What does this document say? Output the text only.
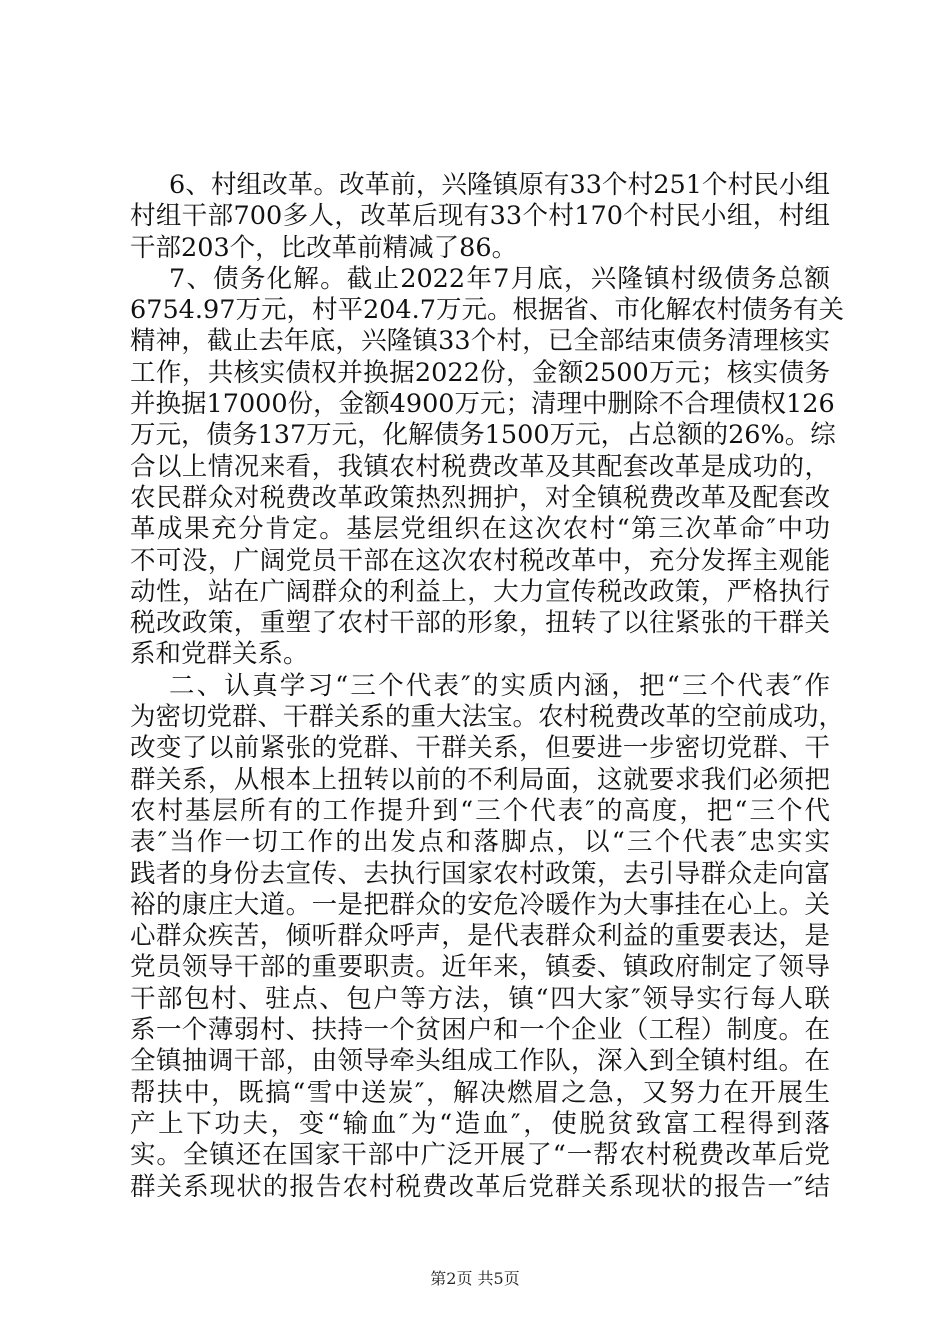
6、村组改革。改革前，兴隆镇原有33个村251个村民小组
村组干部700多人，改革后现有33个村170个村民小组，村组
干部203个，比改革前精减了86。
7、债务化解。截止2022年7月底，兴隆镇村级债务总额
6754.97万元，村平204.7万元。根据省、市化解农村债务有关
精神，截止去年底，兴隆镇33个村，已全部结束债务清理核实
工作，共核实债权并换据2022份，金额2500万元；核实债务
并换据17000份，金额4900万元；清理中删除不合理债权126
万元，债务137万元，化解债务1500万元，占总额的26%。综
合以上情况来看，我镇农村税费改革及其配套改革是成功的，
农民群众对税费改革政策热烈拥护，对全镇税费改革及配套改
革成果充分肯定。基层党组织在这次农村“第三次革命″中功
不可没，广阔党员干部在这次农村税改革中，充分发挥主观能
动性，站在广阔群众的利益上，大力宣传税改政策，严格执行
税改政策，重塑了农村干部的形象，扭转了以往紧张的干群关
系和党群关系。
二、认真学习“三个代表″的实质内涵，把“三个代表″作
为密切党群、干群关系的重大法宝。农村税费改革的空前成功，
改变了以前紧张的党群、干群关系，但要进一步密切党群、干
群关系，从根本上扭转以前的不利局面，这就要求我们必须把
农村基层所有的工作提升到“三个代表″的高度，把“三个代
表″当作一切工作的出发点和落脚点，以“三个代表″忠实实
践者的身份去宣传、去执行国家农村政策，去引导群众走向富
裕的康庄大道。一是把群众的安危冷暖作为大事挂在心上。关
心群众疾苦，倾听群众呼声，是代表群众利益的重要表达，是
党员领导干部的重要职责。近年来，镇委、镇政府制定了领导
干部包村、驻点、包户等方法，镇“四大家″领导实行每人联
系一个薄弱村、扶持一个贫困户和一个企业（工程）制度。在
全镇抽调干部，由领导牵头组成工作队，深入到全镇村组。在
帮扶中，既搞“雪中送炭″，解决燃眉之急，又努力在开展生
产上下功夫，变“输血″为“造血″，使脱贫致富工程得到落
实。全镇还在国家干部中广泛开展了“一帮农村税费改革后党
群关系现状的报告农村税费改革后党群关系现状的报告一″结
第2页 共5页
